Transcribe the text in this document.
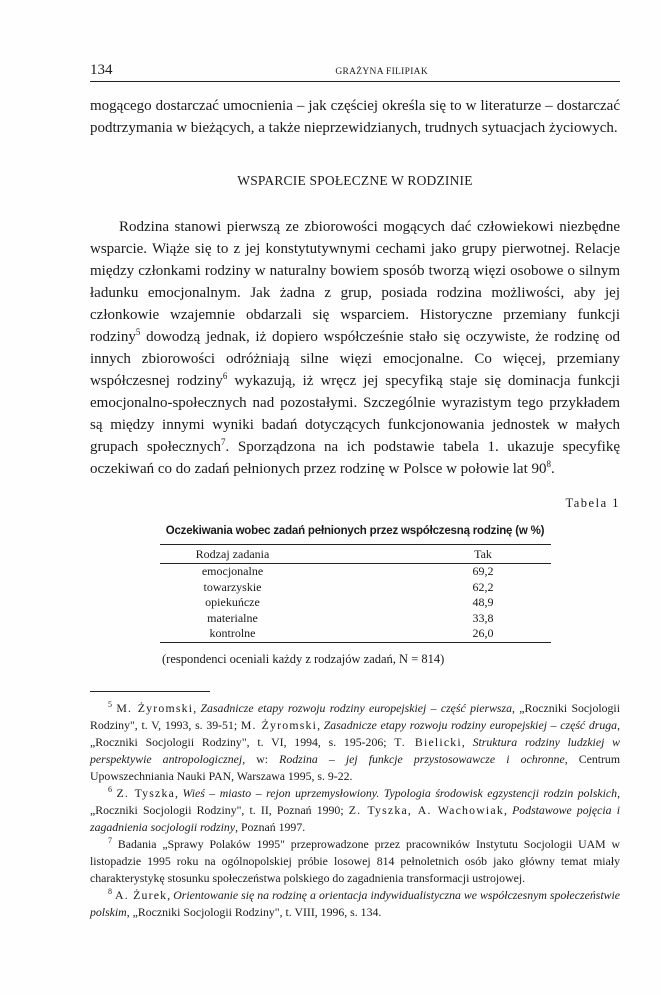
134	GRAŻYNA FILIPIAK

mogącego dostarczać umocnienia – jak częściej określa się to w literaturze – dostarczać podtrzymania w bieżących, a także nieprzewidzianych, trudnych sytuacjach życiowych.

WSPARCIE SPOŁECZNE W RODZINIE

Rodzina stanowi pierwszą ze zbiorowości mogących dać człowiekowi niezbędne wsparcie. Wiąże się to z jej konstytutywnymi cechami jako grupy pierwotnej. Relacje między członkami rodziny w naturalny bowiem sposób tworzą więzi osobowe o silnym ładunku emocjonalnym. Jak żadna z grup, posiada rodzina możliwości, aby jej członkowie wzajemnie obdarzali się wsparciem. Historyczne przemiany funkcji rodziny$^5$ dowodzą jednak, iż dopiero współcześnie stało się oczywiste, że rodzinę od innych zbiorowości odróżniają silne więzi emocjonalne. Co więcej, przemiany współczesnej rodziny$^6$ wykazują, iż wręcz jej specyfiką staje się dominacja funkcji emocjonalno-społecznych nad pozostałymi. Szczególnie wyrazistym tego przykładem są między innymi wyniki badań dotyczących funkcjonowania jednostek w małych grupach społecznych$^7$. Sporządzona na ich podstawie tabela 1. ukazuje specyfikę oczekiwań co do zadań pełnionych przez rodzinę w Polsce w połowie lat $90^8$.

Tabela 1
Oczekiwania wobec zadań pełnionych przez współczesną rodzinę (w %)
Rodzaj zadania	Tak
emocjonalne	69,2
towarzyskie	62,2
opiekuńcze	48,9
materialne	33,8
kontrolne	26,0
(respondenci oceniali każdy z rodzajów zadań, N = 814)

$^5$ M. Żyromski, Zasadnicze etapy rozwoju rodziny europejskiej – część pierwsza, „Roczniki Socjologii Rodziny", t. V, 1993, s. 39-51; M. Żyromski, Zasadnicze etapy rozwoju rodziny europejskiej – część druga, „Roczniki Socjologii Rodziny", t. VI, 1994, s. 195-206; T. Bielicki, Struktura rodziny ludzkiej w perspektywie antropologicznej, w: Rodzina – jej funkcje przystosowawcze i ochronne, Centrum Upowszechniania Nauki PAN, Warszawa 1995, s. 9-22.

$^6$ Z. Tyszka, Wieś – miasto – rejon uprzemysłowiony. Typologia środowisk egzystencji rodzin polskich, „Roczniki Socjologii Rodziny", t. II, Poznań 1990; Z. Tyszka, A. Wachowiak, Podstawowe pojęcia i zagadnienia socjologii rodziny, Poznań 1997.

$^7$ Badania „Sprawy Polaków 1995" przeprowadzone przez pracowników Instytutu Socjologii UAM w listopadzie 1995 roku na ogólnopolskiej próbie losowej 814 pełnoletnich osób jako główny temat miały charakterystykę stosunku społeczeństwa polskiego do zagadnienia transformacji ustrojowej.

$^8$ A. Żurek, Orientowanie się na rodzinę a orientacja indywidualistyczna we współczesnym społeczeństwie polskim, „Roczniki Socjologii Rodziny", t. VIII, 1996, s. 134.
